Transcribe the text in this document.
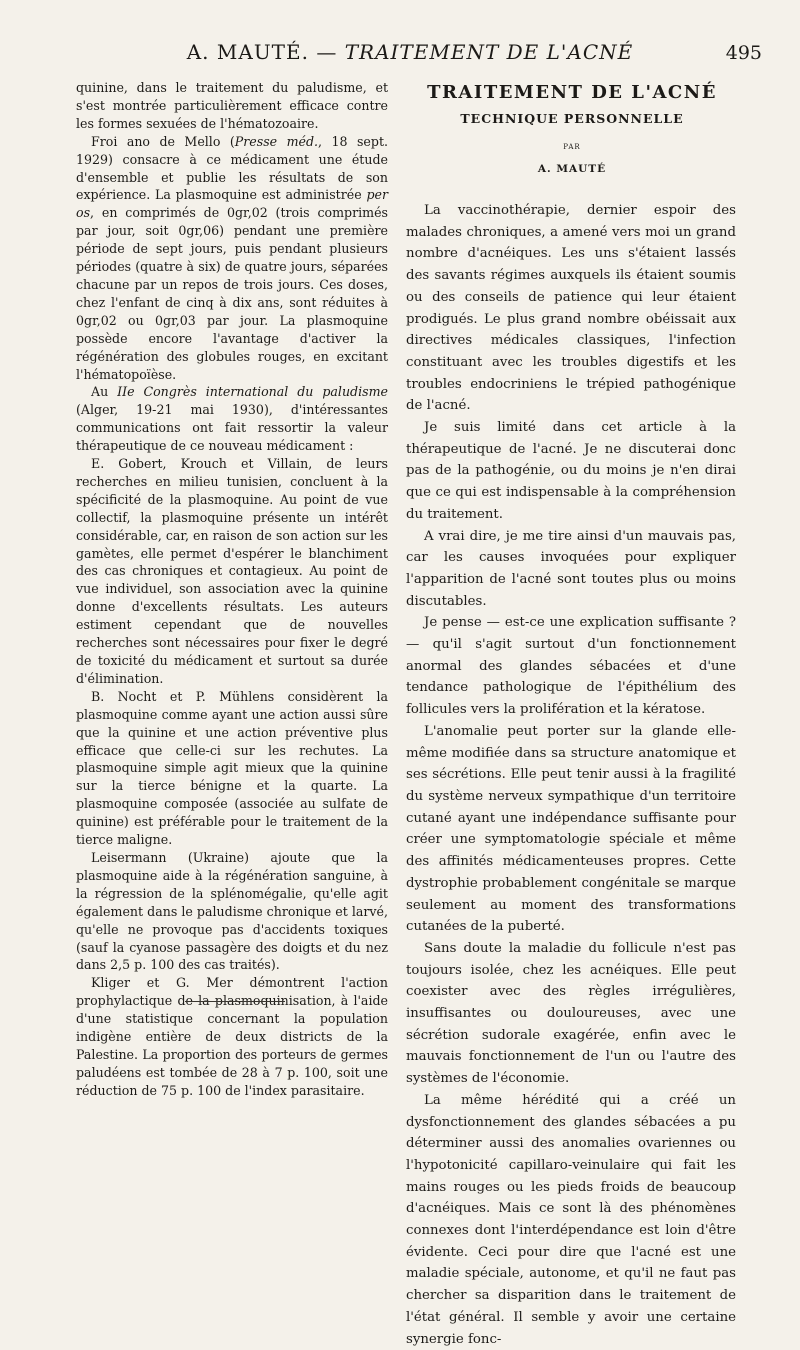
A. MAUTÉ. — TRAITEMENT DE L'ACNÉ	495

quinine, dans le traitement du paludisme, et s'est montrée particulièrement efficace contre les formes sexuées de l'hématozoaire.

Froi ano de Mello (Presse méd., 18 sept. 1929) consacre à ce médicament une étude d'ensemble et publie les résultats de son expérience. La plasmoquine est administrée per os, en comprimés de 0gr,02 (trois comprimés par jour, soit 0gr,06) pendant une première période de sept jours, puis pendant plusieurs périodes (quatre à six) de quatre jours, séparées chacune par un repos de trois jours. Ces doses, chez l'enfant de cinq à dix ans, sont réduites à 0gr,02 ou 0gr,03 par jour. La plasmoquine possède encore l'avantage d'activer la régénération des globules rouges, en excitant l'hématopoïèse.

Au IIe Congrès international du paludisme (Alger, 19-21 mai 1930), d'intéressantes communications ont fait ressortir la valeur thérapeutique de ce nouveau médicament :

E. Gobert, Krouch et Villain, de leurs recherches en milieu tunisien, concluent à la spécificité de la plasmoquine. Au point de vue collectif, la plasmoquine présente un intérêt considérable, car, en raison de son action sur les gamètes, elle permet d'espérer le blanchiment des cas chroniques et contagieux. Au point de vue individuel, son association avec la quinine donne d'excellents résultats. Les auteurs estiment cependant que de nouvelles recherches sont nécessaires pour fixer le degré de toxicité du médicament et surtout sa durée d'élimination.

B. Nocht et P. Mühlens considèrent la plasmoquine comme ayant une action aussi sûre que la quinine et une action préventive plus efficace que celle-ci sur les rechutes. La plasmoquine simple agit mieux que la quinine sur la tierce bénigne et la quarte. La plasmoquine composée (associée au sulfate de quinine) est préférable pour le traitement de la tierce maligne.

Leisermann (Ukraine) ajoute que la plasmoquine aide à la régénération sanguine, à la régression de la splénomégalie, qu'elle agit également dans le paludisme chronique et larvé, qu'elle ne provoque pas d'accidents toxiques (sauf la cyanose passagère des doigts et du nez dans 2,5 p. 100 des cas traités).

Kliger et G. Mer démontrent l'action prophylactique de la plasmoquinisation, à l'aide d'une statistique concernant la population indigène entière de deux districts de la Palestine. La proportion des porteurs de germes paludéens est tombée de 28 à 7 p. 100, soit une réduction de 75 p. 100 de l'index parasitaire.

TRAITEMENT DE L'ACNÉ
TECHNIQUE PERSONNELLE
PAR
A. MAUTÉ

La vaccinothérapie, dernier espoir des malades chroniques, a amené vers moi un grand nombre d'acnéiques. Les uns s'étaient lassés des savants régimes auxquels ils étaient soumis ou des conseils de patience qui leur étaient prodigués. Le plus grand nombre obéissait aux directives médicales classiques, l'infection constituant avec les troubles digestifs et les troubles endocriniens le trépied pathogénique de l'acné.

Je suis limité dans cet article à la thérapeutique de l'acné. Je ne discuterai donc pas de la pathogénie, ou du moins je n'en dirai que ce qui est indispensable à la compréhension du traitement.

A vrai dire, je me tire ainsi d'un mauvais pas, car les causes invoquées pour expliquer l'apparition de l'acné sont toutes plus ou moins discutables.

Je pense — est-ce une explication suffisante ? — qu'il s'agit surtout d'un fonctionnement anormal des glandes sébacées et d'une tendance pathologique de l'épithélium des follicules vers la prolifération et la kératose.

L'anomalie peut porter sur la glande elle-même modifiée dans sa structure anatomique et ses sécrétions. Elle peut tenir aussi à la fragilité du système nerveux sympathique d'un territoire cutané ayant une indépendance suffisante pour créer une symptomatologie spéciale et même des affinités médicamenteuses propres. Cette dystrophie probablement congénitale se marque seulement au moment des transformations cutanées de la puberté.

Sans doute la maladie du follicule n'est pas toujours isolée, chez les acnéiques. Elle peut coexister avec des règles irrégulières, insuffisantes ou douloureuses, avec une sécrétion sudorale exagérée, enfin avec le mauvais fonctionnement de l'un ou l'autre des systèmes de l'économie.

La même hérédité qui a créé un dysfonctionnement des glandes sébacées a pu déterminer aussi des anomalies ovariennes ou l'hypotonicité capillaro-veinulaire qui fait les mains rouges ou les pieds froids de beaucoup d'acnéiques. Mais ce sont là des phénomènes connexes dont l'interdépendance est loin d'être évidente. Ceci pour dire que l'acné est une maladie spéciale, autonome, et qu'il ne faut pas chercher sa disparition dans le traitement de l'état général. Il semble y avoir une certaine synergie fonc-
